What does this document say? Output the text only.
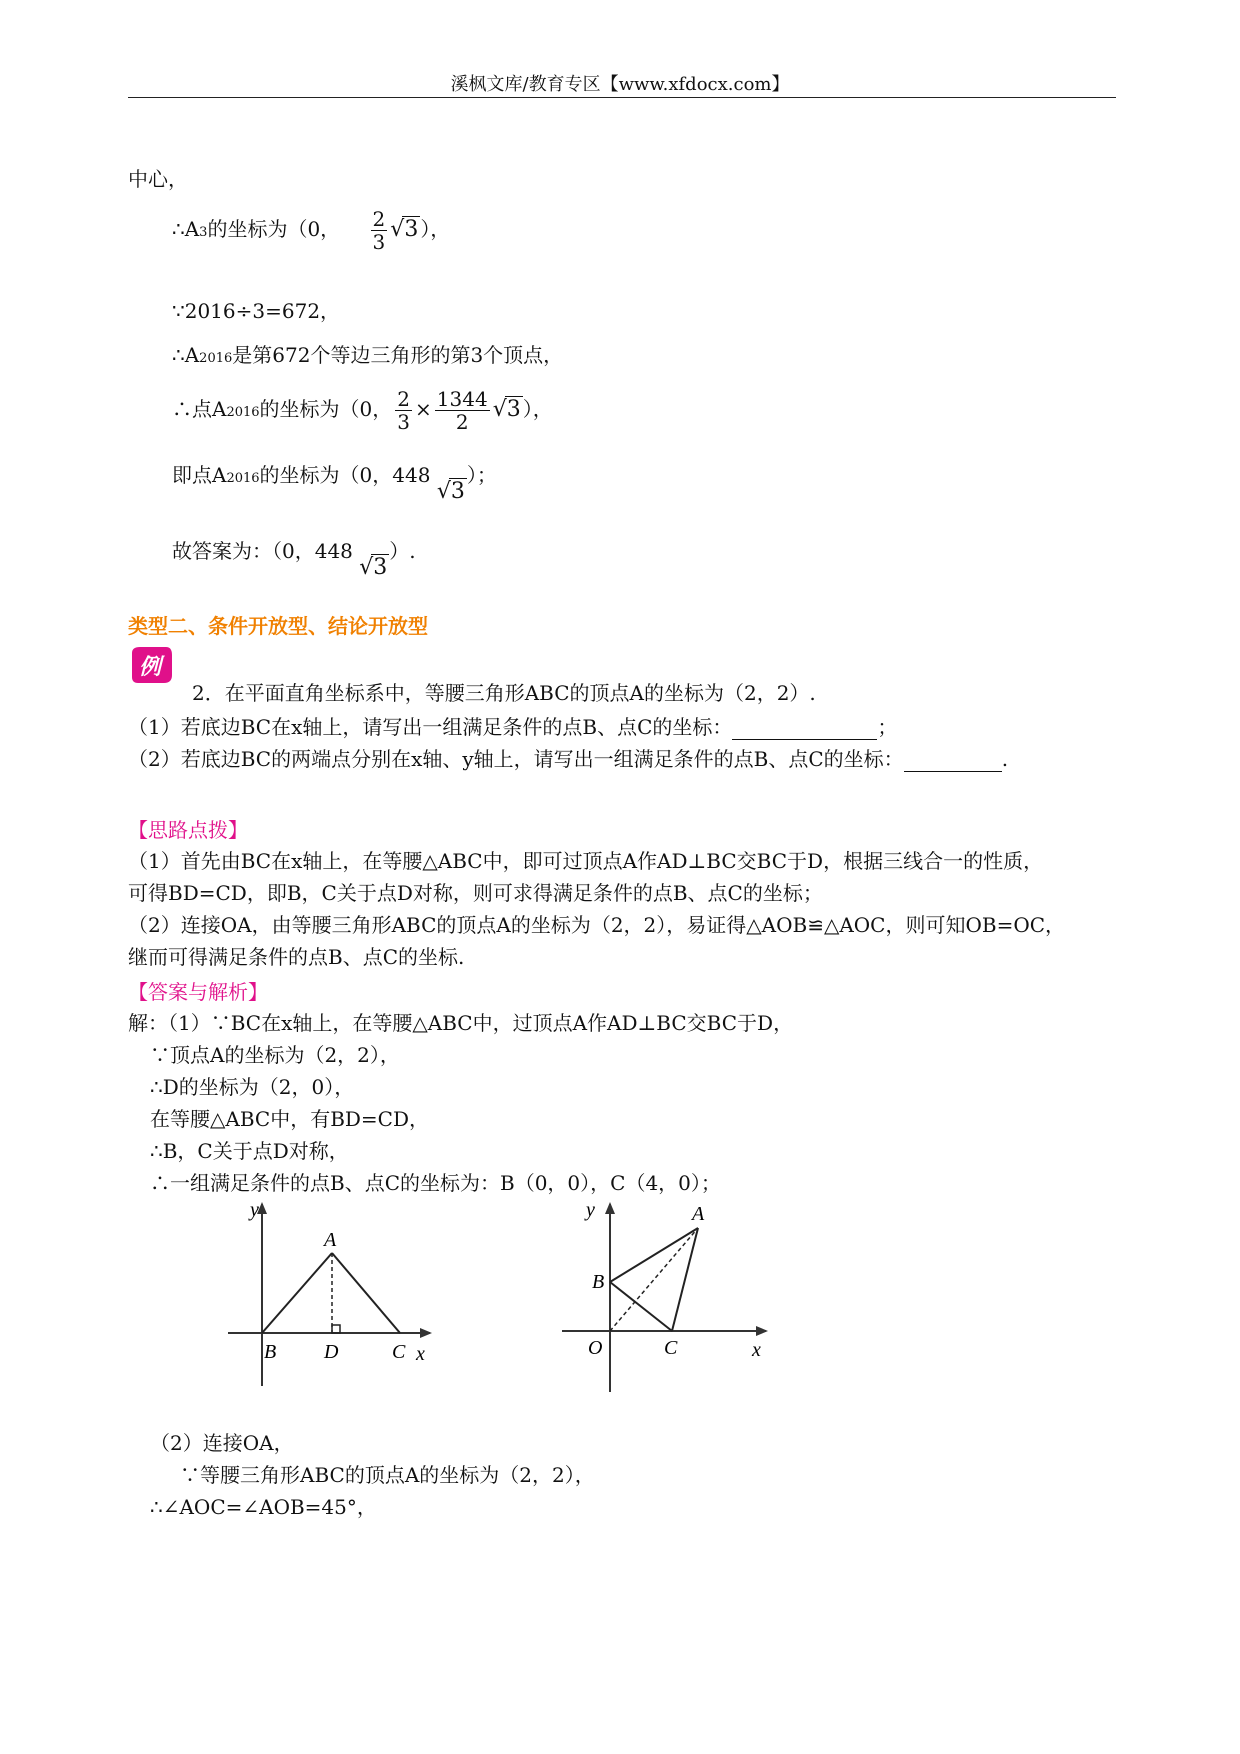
溪枫文库/教育专区【www.xfdocx.com】
中心，
∴A3的坐标为（0， $\frac{2}{3} √3$ ），
∵2016÷3=672，
∴A2016是第672个等边三角形的第3个顶点，
∴点A2016的坐标为（0， $\frac{2}{3} \times \frac{1344}{2} √3$ ），
即点A2016的坐标为（0，448 √3）；
故答案为：（0，448 √3）.
类型二、条件开放型、结论开放型
例
2．在平面直角坐标系中，等腰三角形ABC的顶点A的坐标为（2，2）.
（1）若底边BC在x轴上，请写出一组满足条件的点B、点C的坐标：	；
（2）若底边BC的两端点分别在x轴、y轴上，请写出一组满足条件的点B、点C的坐标：	.
【思路点拨】
（1）首先由BC在x轴上，在等腰△ABC中，即可过顶点A作AD⊥BC交BC于D，根据三线合一的性质，
可得BD=CD，即B，C关于点D对称，则可求得满足条件的点B、点C的坐标；
（2）连接OA，由等腰三角形ABC的顶点A的坐标为（2，2），易证得△AOB≌△AOC，则可知OB=OC，
继而可得满足条件的点B、点C的坐标.
【答案与解析】
解：（1）∵BC在x轴上，在等腰△ABC中，过顶点A作AD⊥BC交BC于D，
∵顶点A的坐标为（2，2），
∴D的坐标为（2，0），
在等腰△ABC中，有BD=CD，
∴B，C关于点D对称，
∴一组满足条件的点B、点C的坐标为：B（0，0），C（4，0）；
y
A
B D	C x
y	A
B
O	C	x
（2）连接OA，
∵等腰三角形ABC的顶点A的坐标为（2，2），
∴∠AOC=∠AOB=45°，
